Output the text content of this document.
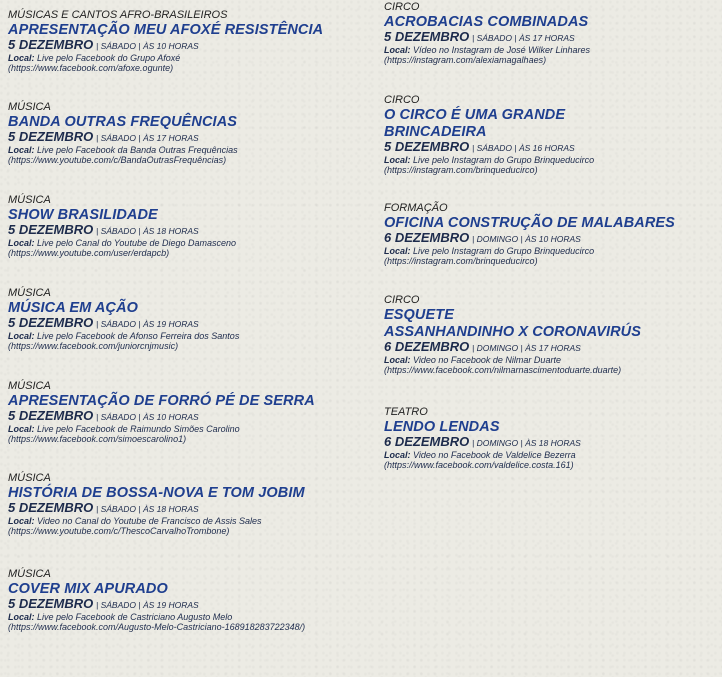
MÚSICAS E CANTOS AFRO-BRASILEIROS
APRESENTAÇÃO MEU AFOXÉ RESISTÊNCIA
5 DEZEMBRO | SÁBADO | ÀS 10 HORAS
Local: Live pelo Facebook do Grupo Afoxé
(https://www.facebook.com/afoxe.ogunte)
MÚSICA
BANDA OUTRAS FREQUÊNCIAS
5 DEZEMBRO | SÁBADO | ÀS 17 HORAS
Local: Live pelo Facebook da Banda Outras Frequências
(https://www.youtube.com/c/BandaOutrasFrequências)
MÚSICA
SHOW BRASILIDADE
5 DEZEMBRO | SÁBADO | ÀS 18 HORAS
Local: Live pelo Canal do Youtube de Diego Damasceno
(https://www.youtube.com/user/erdapcb)
MÚSICA
MÚSICA EM AÇÃO
5 DEZEMBRO | SÁBADO | ÀS 19 HORAS
Local: Live pelo Facebook de Afonso Ferreira dos Santos
(https://www.facebook.com/juniorcnjmusic)
MÚSICA
APRESENTAÇÃO DE FORRÓ PÉ DE SERRA
5 DEZEMBRO | SÁBADO | ÀS 10 HORAS
Local: Live pelo Facebook de Raimundo Simões Carolino
(https://www.facebook.com/simoescarolino1)
MÚSICA
HISTÓRIA DE BOSSA-NOVA E TOM JOBIM
5 DEZEMBRO | SÁBADO | ÀS 18 HORAS
Local: Video no Canal do Youtube de Francisco de Assis Sales
(https://www.youtube.com/c/ThescoCarvalhoTrombone)
MÚSICA
COVER MIX APURADO
5 DEZEMBRO | SÁBADO | ÀS 19 HORAS
Local: Live pelo Facebook de Castriciano Augusto Melo
(https://www.facebook.com/Augusto-Melo-Castriciano-168918283722348/)
CIRCO
ACROBACIAS COMBINADAS
5 DEZEMBRO | SÁBADO | ÀS 17 HORAS
Local: Vídeo no Instagram de José Wilker Linhares
(https://instagram.com/alexiamagalhaes)
CIRCO
O CIRCO É UMA GRANDE
BRINCADEIRA
5 DEZEMBRO | SÁBADO | ÀS 16 HORAS
Local: Live pelo Instagram do Grupo Brinqueducirco
(https://instagram.com/brinqueducirco)
FORMAÇÃO
OFICINA CONSTRUÇÃO DE MALABARES
6 DEZEMBRO | DOMINGO | ÀS 10 HORAS
Local: Live pelo Instagram do Grupo Brinqueducirco
(https://instagram.com/brinqueducirco)
CIRCO
ESQUETE
ASSANHANDINHO X CORONAVIRÚS
6 DEZEMBRO | DOMINGO | ÀS 17 HORAS
Local: Video no Facebook de Nilmar Duarte
(https://www.facebook.com/nilmarnascimentoduarte.duarte)
TEATRO
LENDO LENDAS
6 DEZEMBRO | DOMINGO | ÀS 18 HORAS
Local: Video no Facebook de Valdelice Bezerra
(https://www.facebook.com/valdelice.costa.161)
